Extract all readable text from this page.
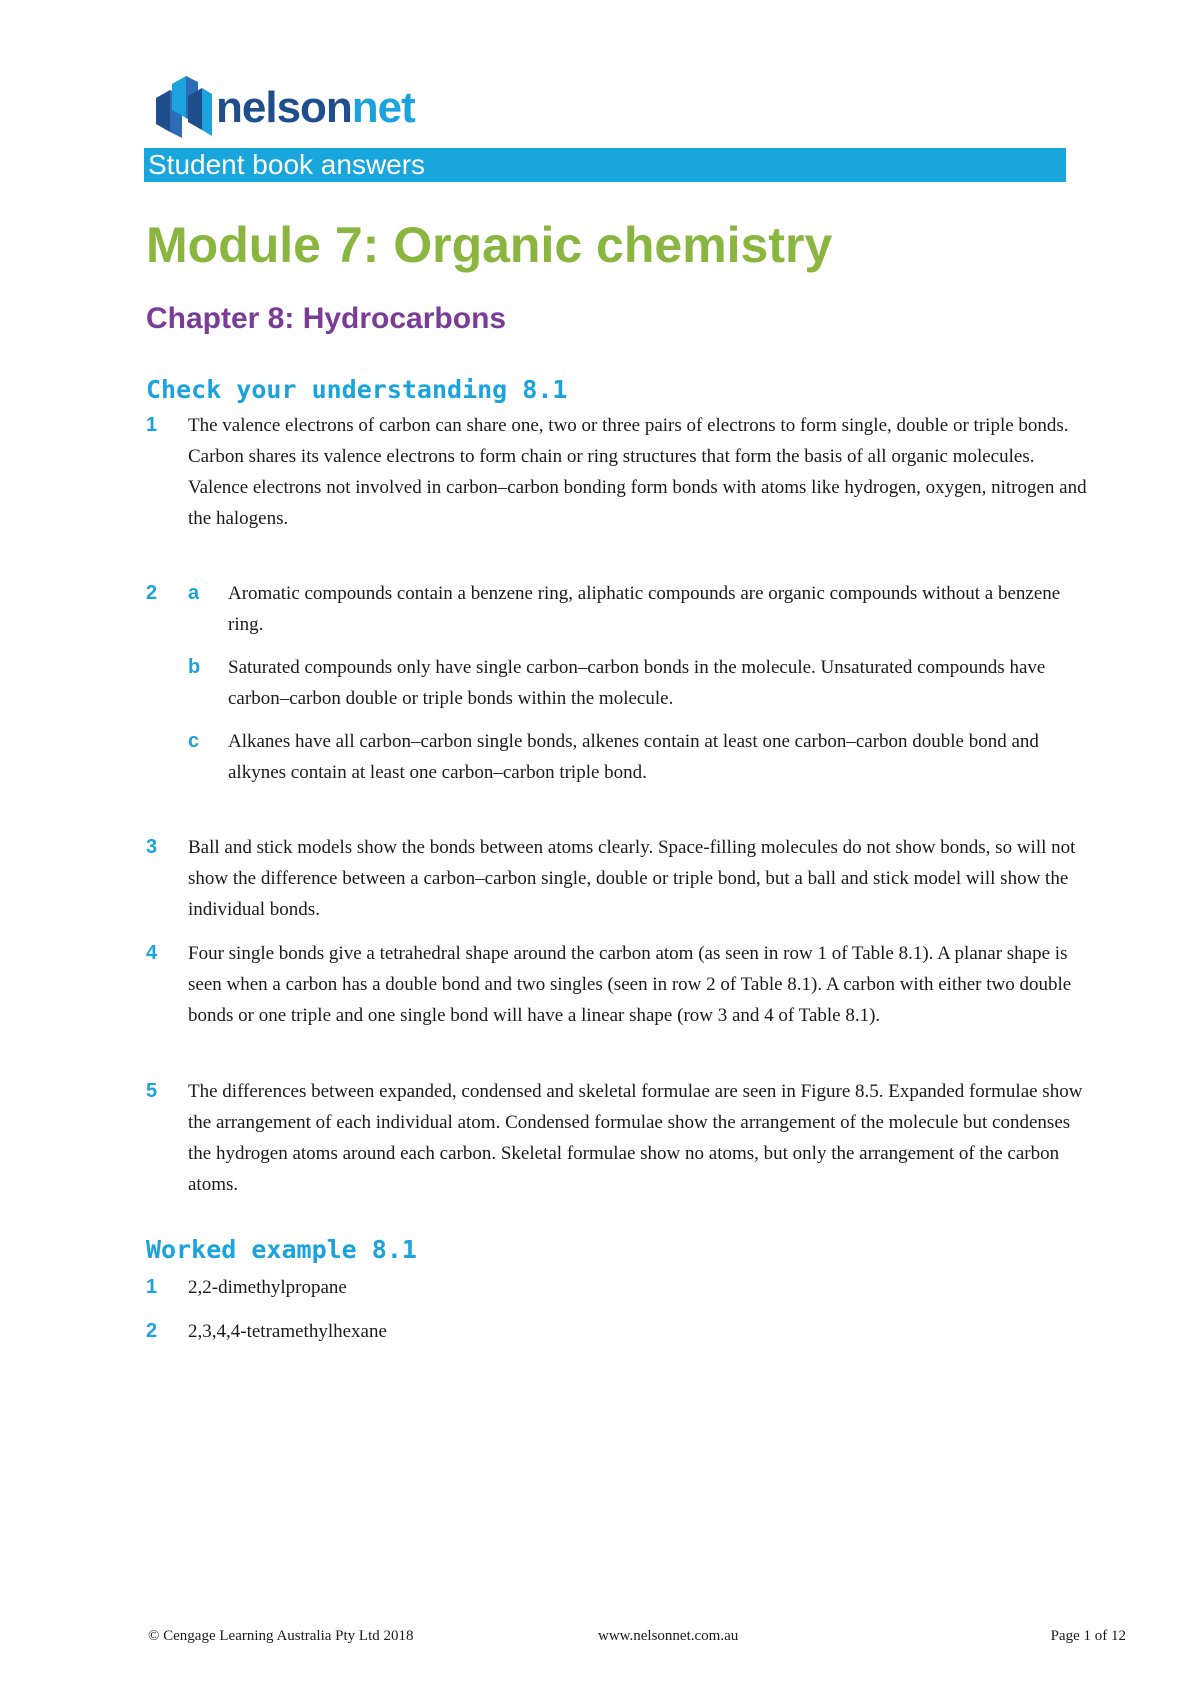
nelsonnet
Student book answers
Module 7: Organic chemistry
Chapter 8: Hydrocarbons
Check your understanding 8.1
1 The valence electrons of carbon can share one, two or three pairs of electrons to form single, double or triple bonds. Carbon shares its valence electrons to form chain or ring structures that form the basis of all organic molecules. Valence electrons not involved in carbon–carbon bonding form bonds with atoms like hydrogen, oxygen, nitrogen and the halogens.
2 a Aromatic compounds contain a benzene ring, aliphatic compounds are organic compounds without a benzene ring.
b Saturated compounds only have single carbon–carbon bonds in the molecule. Unsaturated compounds have carbon–carbon double or triple bonds within the molecule.
c Alkanes have all carbon–carbon single bonds, alkenes contain at least one carbon–carbon double bond and alkynes contain at least one carbon–carbon triple bond.
3 Ball and stick models show the bonds between atoms clearly. Space-filling molecules do not show bonds, so will not show the difference between a carbon–carbon single, double or triple bond, but a ball and stick model will show the individual bonds.
4 Four single bonds give a tetrahedral shape around the carbon atom (as seen in row 1 of Table 8.1). A planar shape is seen when a carbon has a double bond and two singles (seen in row 2 of Table 8.1). A carbon with either two double bonds or one triple and one single bond will have a linear shape (row 3 and 4 of Table 8.1).
5 The differences between expanded, condensed and skeletal formulae are seen in Figure 8.5. Expanded formulae show the arrangement of each individual atom. Condensed formulae show the arrangement of the molecule but condenses the hydrogen atoms around each carbon. Skeletal formulae show no atoms, but only the arrangement of the carbon atoms.
Worked example 8.1
1 2,2-dimethylpropane
2 2,3,4,4-tetramethylhexane
© Cengage Learning Australia Pty Ltd 2018	www.nelsonnet.com.au	Page 1 of 12
